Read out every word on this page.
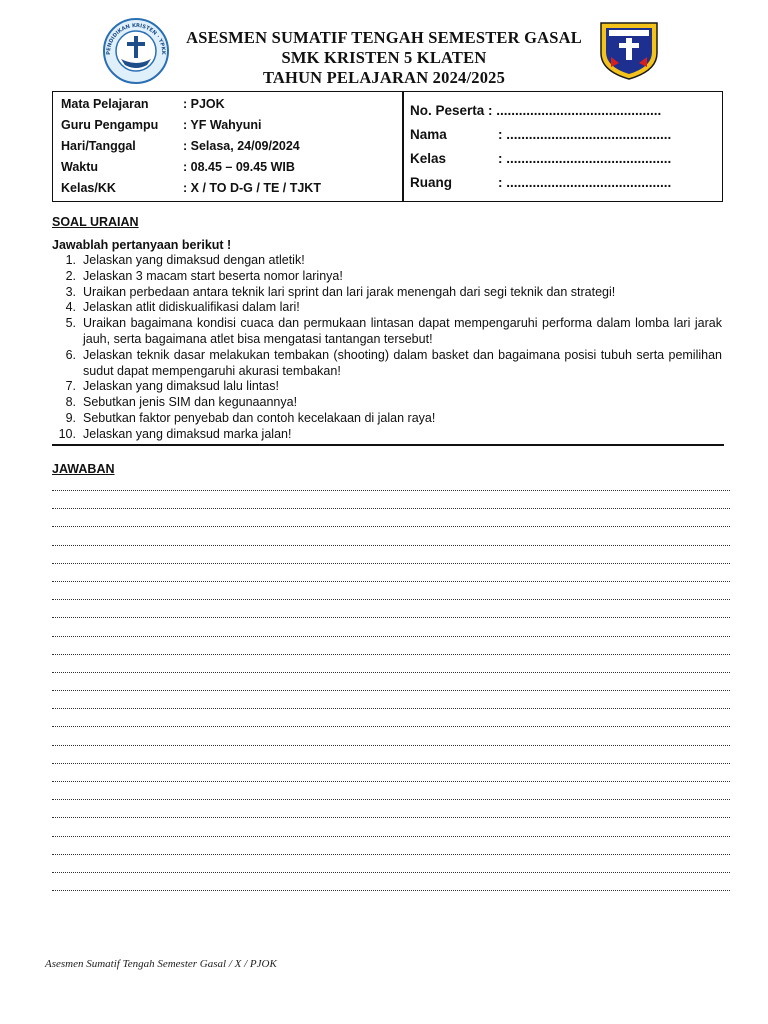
PENDIDIKAN KRISTEN · YPKK
ASESMEN SUMATIF TENGAH SEMESTER GASAL
SMK KRISTEN 5 KLATEN
TAHUN PELAJARAN 2024/2025
Mata Pelajaran	: PJOK
Guru Pengampu : YF Wahyuni
Hari/Tanggal	: Selasa, 24/09/2024
Waktu	: 08.45 – 09.45 WIB
Kelas/KK	: X / TO D-G / TE / TJKT
No. Peserta : ............................................
Nama	: ............................................
Kelas	: ............................................
Ruang	: ............................................
SOAL URAIAN
Jawablah pertanyaan berikut !
1. Jelaskan yang dimaksud dengan atletik!
2. Jelaskan 3 macam start beserta nomor larinya!
3. Uraikan perbedaan antara teknik lari sprint dan lari jarak menengah dari segi teknik dan strategi!
4. Jelaskan atlit didiskualifikasi dalam lari!
5. Uraikan bagaimana kondisi cuaca dan permukaan lintasan dapat mempengaruhi performa dalam lomba lari jarak jauh, serta bagaimana atlet bisa mengatasi tantangan tersebut!
6. Jelaskan teknik dasar melakukan tembakan (shooting) dalam basket dan bagaimana posisi tubuh serta pemilihan sudut dapat mempengaruhi akurasi tembakan!
7. Jelaskan yang dimaksud lalu lintas!
8. Sebutkan jenis SIM dan kegunaannya!
9. Sebutkan faktor penyebab dan contoh kecelakaan di jalan raya!
10. Jelaskan yang dimaksud marka jalan!
JAWABAN
Asesmen Sumatif Tengah Semester Gasal / X / PJOK
